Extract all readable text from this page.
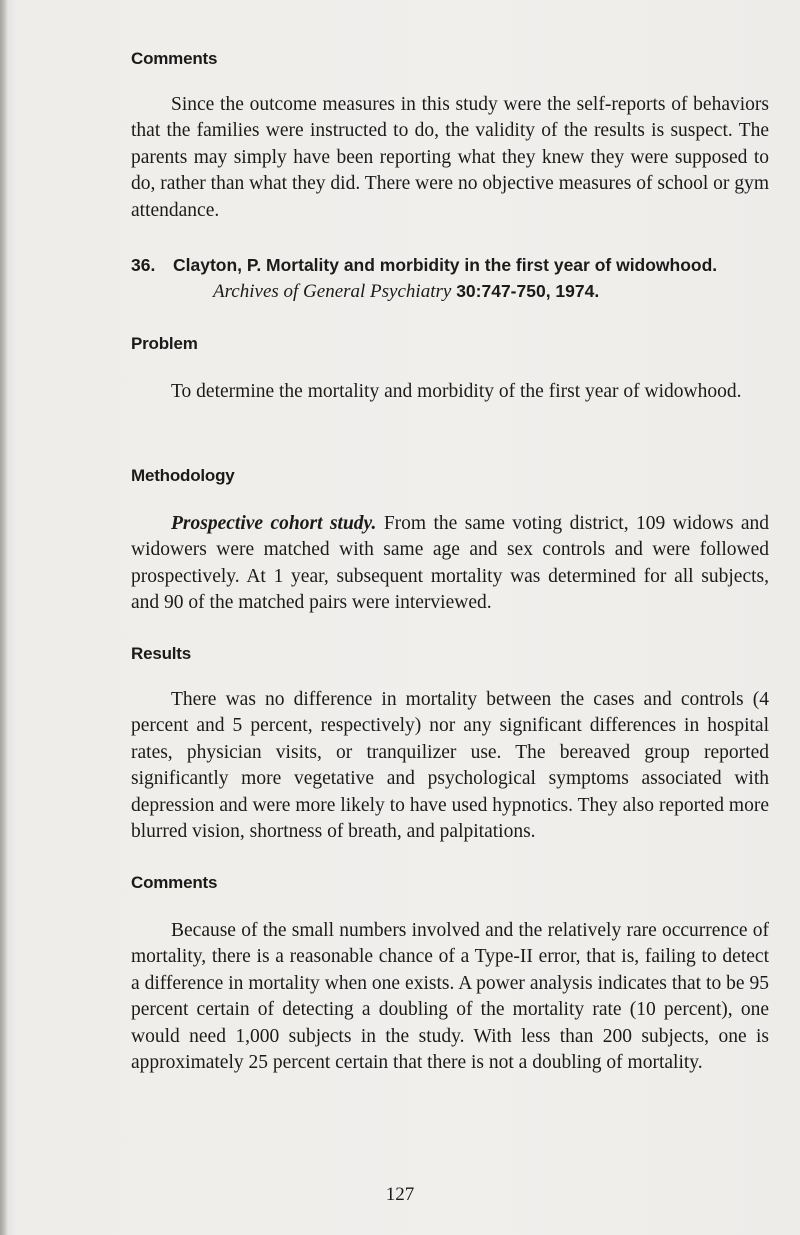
Comments

Since the outcome measures in this study were the self-reports of behaviors that the families were instructed to do, the validity of the results is suspect. The parents may simply have been reporting what they knew they were supposed to do, rather than what they did. There were no objective measures of school or gym attendance.

36. Clayton, P. Mortality and morbidity in the first year of widowhood.
Archives of General Psychiatry 30:747-750, 1974.
Problem

To determine the mortality and morbidity of the first year of widowhood.

Methodology

Prospective cohort study. From the same voting district, 109 widows and widowers were matched with same age and sex controls and were followed prospectively. At 1 year, subsequent mortality was determined for all subjects, and 90 of the matched pairs were interviewed.

Results

There was no difference in mortality between the cases and controls (4 percent and 5 percent, respectively) nor any significant differences in hospital rates, physician visits, or tranquilizer use. The bereaved group reported significantly more vegetative and psychological symptoms associated with depression and were more likely to have used hypnotics. They also reported more blurred vision, shortness of breath, and palpitations.

Comments

Because of the small numbers involved and the relatively rare occurrence of mortality, there is a reasonable chance of a Type-II error, that is, failing to detect a difference in mortality when one exists. A power analysis indicates that to be 95 percent certain of detecting a doubling of the mortality rate (10 percent), one would need 1,000 subjects in the study. With less than 200 subjects, one is approximately 25 percent certain that there is not a doubling of mortality.

127
